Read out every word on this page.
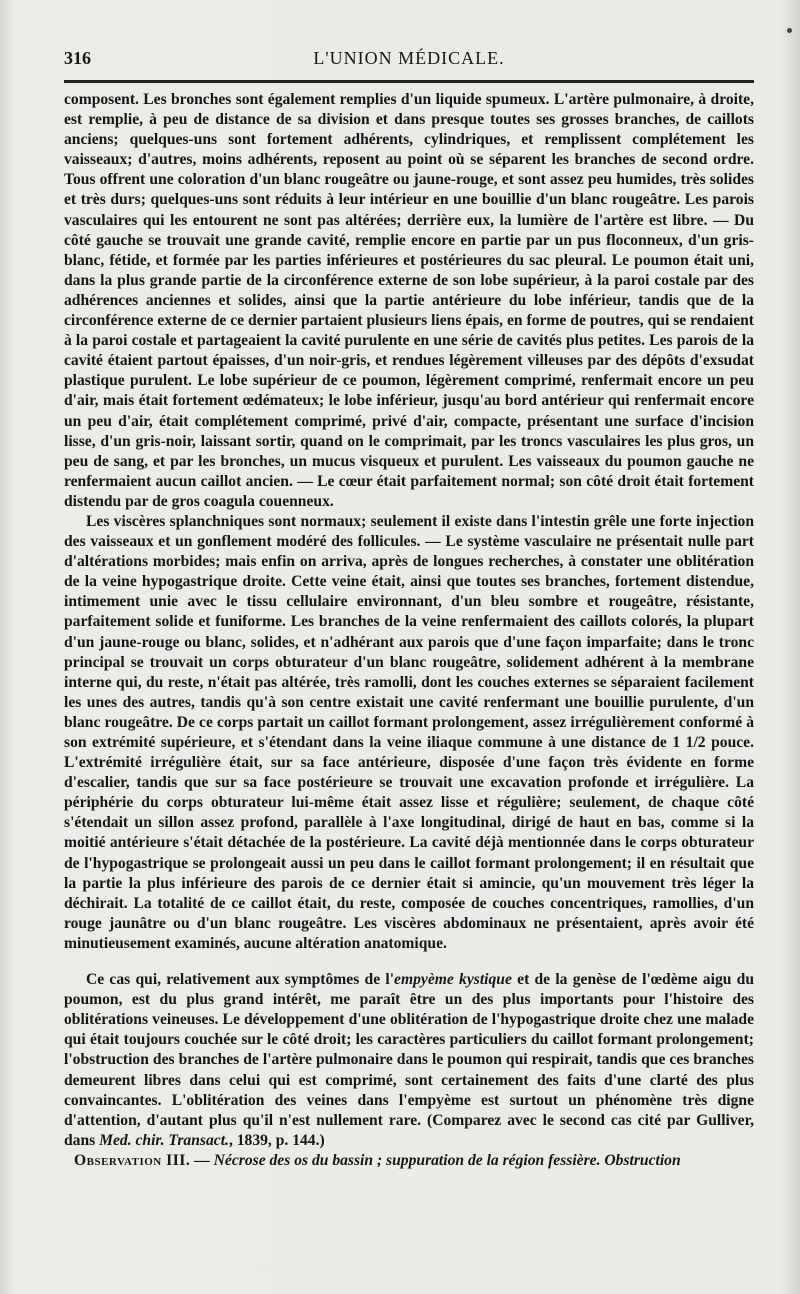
316	L'UNION MÉDICALE.

composent. Les bronches sont également remplies d'un liquide spumeux. L'artère pulmonaire, à droite, est remplie, à peu de distance de sa division et dans presque toutes ses grosses branches, de caillots anciens; quelques-uns sont fortement adhérents, cylindriques, et remplissent complétement les vaisseaux; d'autres, moins adhérents, reposent au point où se séparent les branches de second ordre. Tous offrent une coloration d'un blanc rougeâtre ou jaune-rouge, et sont assez peu humides, très solides et très durs; quelques-uns sont réduits à leur intérieur en une bouillie d'un blanc rougeâtre. Les parois vasculaires qui les entourent ne sont pas altérées; derrière eux, la lumière de l'artère est libre. — Du côté gauche se trouvait une grande cavité, remplie encore en partie par un pus floconneux, d'un gris-blanc, fétide, et formée par les parties inférieures et postérieures du sac pleural. Le poumon était uni, dans la plus grande partie de la circonférence externe de son lobe supérieur, à la paroi costale par des adhérences anciennes et solides, ainsi que la partie antérieure du lobe inférieur, tandis que de la circonférence externe de ce dernier partaient plusieurs liens épais, en forme de poutres, qui se rendaient à la paroi costale et partageaient la cavité purulente en une série de cavités plus petites. Les parois de la cavité étaient partout épaisses, d'un noir-gris, et rendues légèrement villeuses par des dépôts d'exsudat plastique purulent. Le lobe supérieur de ce poumon, légèrement comprimé, renfermait encore un peu d'air, mais était fortement œdémateux; le lobe inférieur, jusqu'au bord antérieur qui renfermait encore un peu d'air, était complétement comprimé, privé d'air, compacte, présentant une surface d'incision lisse, d'un gris-noir, laissant sortir, quand on le comprimait, par les troncs vasculaires les plus gros, un peu de sang, et par les bronches, un mucus visqueux et purulent. Les vaisseaux du poumon gauche ne renfermaient aucun caillot ancien. — Le cœur était parfaitement normal; son côté droit était fortement distendu par de gros coagula couenneux.

Les viscères splanchniques sont normaux; seulement il existe dans l'intestin grêle une forte injection des vaisseaux et un gonflement modéré des follicules. — Le système vasculaire ne présentait nulle part d'altérations morbides; mais enfin on arriva, après de longues recherches, à constater une oblitération de la veine hypogastrique droite. Cette veine était, ainsi que toutes ses branches, fortement distendue, intimement unie avec le tissu cellulaire environnant, d'un bleu sombre et rougeâtre, résistante, parfaitement solide et funiforme. Les branches de la veine renfermaient des caillots colorés, la plupart d'un jaune-rouge ou blanc, solides, et n'adhérant aux parois que d'une façon imparfaite; dans le tronc principal se trouvait un corps obturateur d'un blanc rougeâtre, solidement adhérent à la membrane interne qui, du reste, n'était pas altérée, très ramolli, dont les couches externes se séparaient facilement les unes des autres, tandis qu'à son centre existait une cavité renfermant une bouillie purulente, d'un blanc rougeâtre. De ce corps partait un caillot formant prolongement, assez irrégulièrement conformé à son extrémité supérieure, et s'étendant dans la veine iliaque commune à une distance de 1 1/2 pouce. L'extrémité irrégulière était, sur sa face antérieure, disposée d'une façon très évidente en forme d'escalier, tandis que sur sa face postérieure se trouvait une excavation profonde et irrégulière. La périphérie du corps obturateur lui-même était assez lisse et régulière; seulement, de chaque côté s'étendait un sillon assez profond, parallèle à l'axe longitudinal, dirigé de haut en bas, comme si la moitié antérieure s'était détachée de la postérieure. La cavité déjà mentionnée dans le corps obturateur de l'hypogastrique se prolongeait aussi un peu dans le caillot formant prolongement; il en résultait que la partie la plus inférieure des parois de ce dernier était si amincie, qu'un mouvement très léger la déchirait. La totalité de ce caillot était, du reste, composée de couches concentriques, ramollies, d'un rouge jaunâtre ou d'un blanc rougeâtre. Les viscères abdominaux ne présentaient, après avoir été minutieusement examinés, aucune altération anatomique.

Ce cas qui, relativement aux symptômes de l'empyème kystique et de la genèse de l'œdème aigu du poumon, est du plus grand intérêt, me paraît être un des plus importants pour l'histoire des oblitérations veineuses. Le développement d'une oblitération de l'hypogastrique droite chez une malade qui était toujours couchée sur le côté droit; les caractères particuliers du caillot formant prolongement; l'obstruction des branches de l'artère pulmonaire dans le poumon qui respirait, tandis que ces branches demeurent libres dans celui qui est comprimé, sont certainement des faits d'une clarté des plus convaincantes. L'oblitération des veines dans l'empyème est surtout un phénomène très digne d'attention, d'autant plus qu'il n'est nullement rare. (Comparez avec le second cas cité par Gulliver, dans Med. chir. Transact., 1839, p. 144.)

Observation III. — Nécrose des os du bassin ; suppuration de la région fessière. Obstruction
